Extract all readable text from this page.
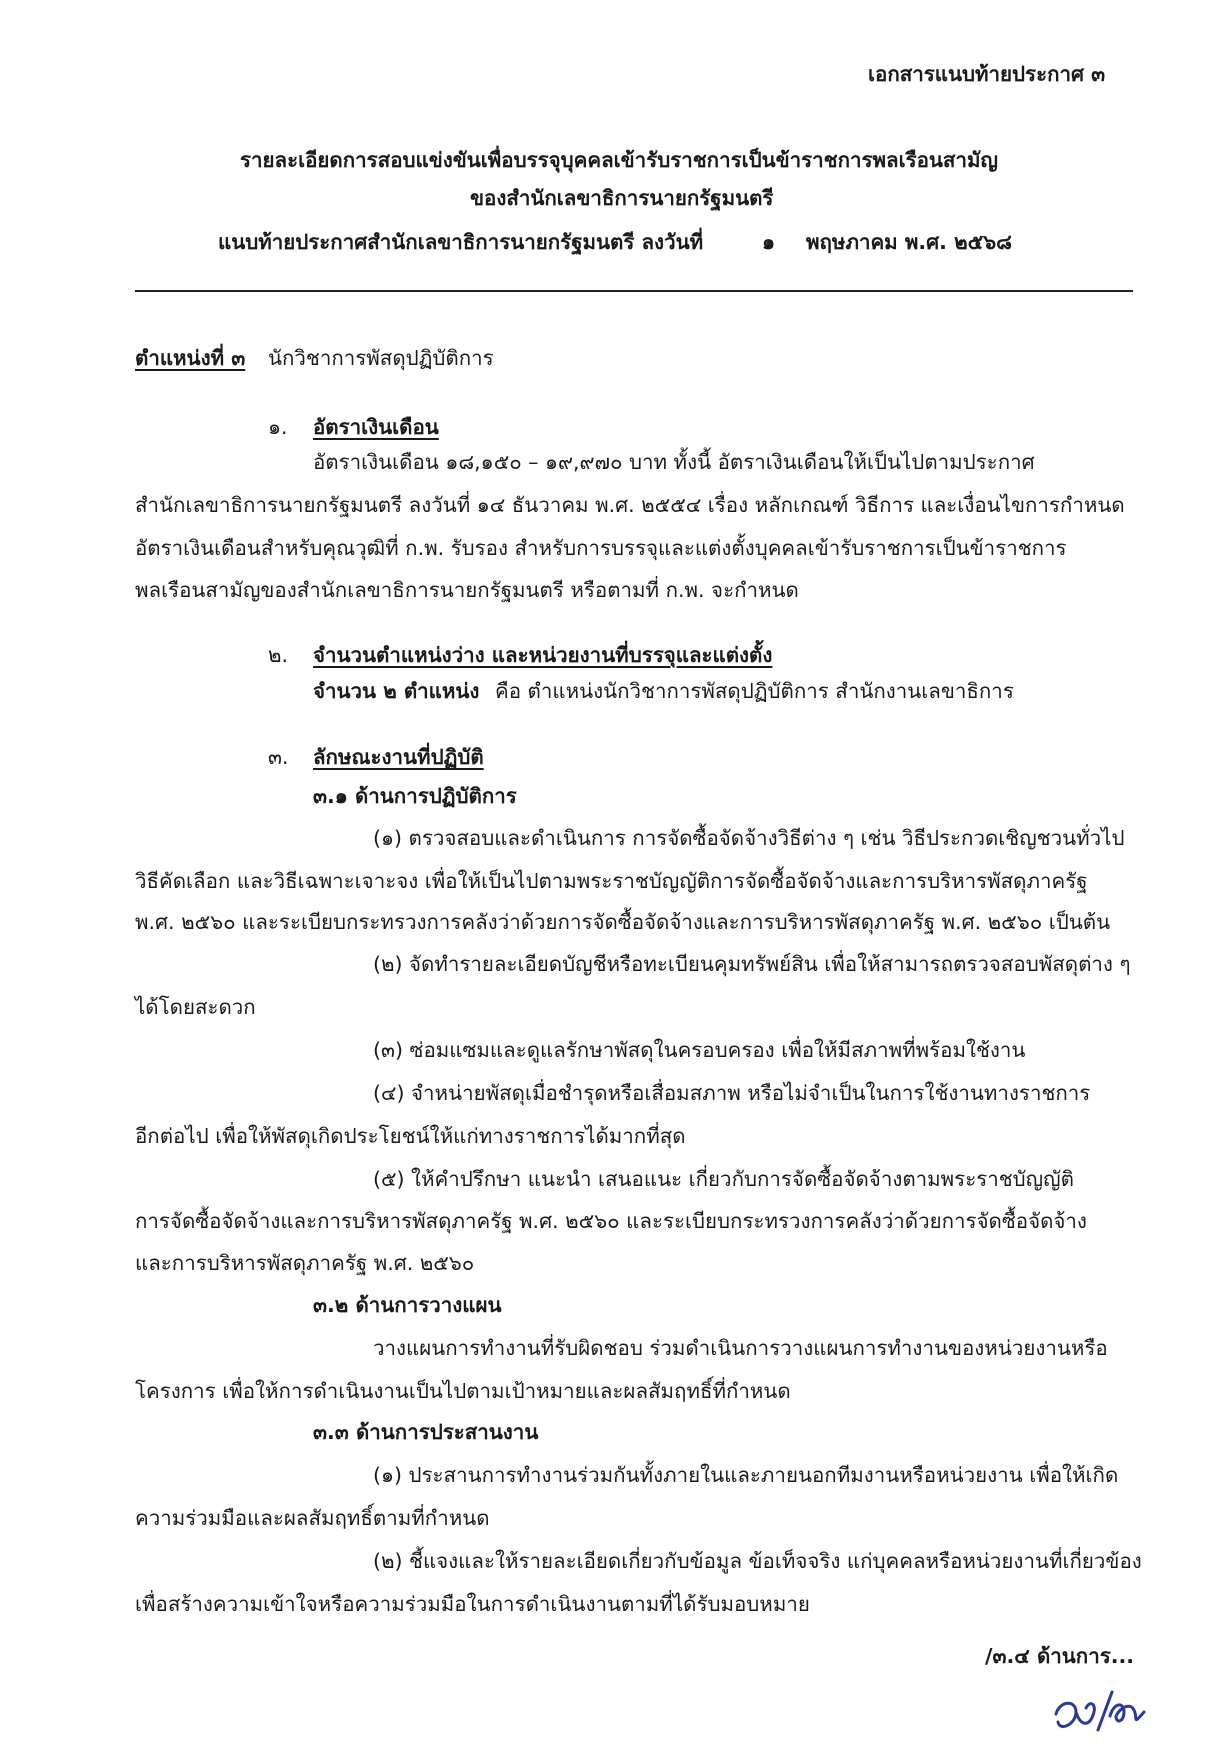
เอกสารแนบท้ายประกาศ ๓
รายละเอียดการสอบแข่งขันเพื่อบรรจุบุคคลเข้ารับราชการเป็นข้าราชการพลเรือนสามัญ
ของสำนักเลขาธิการนายกรัฐมนตรี
แนบท้ายประกาศสำนักเลขาธิการนายกรัฐมนตรี ลงวันที่	๑ พฤษภาคม พ.ศ. ๒๕๖๘
ตำแหน่งที่ ๓ นักวิชาการพัสดุปฏิบัติการ
๑. อัตราเงินเดือน
อัตราเงินเดือน ๑๘,๑๕๐ – ๑๙,๙๗๐ บาท ทั้งนี้ อัตราเงินเดือนให้เป็นไปตามประกาศ
สำนักเลขาธิการนายกรัฐมนตรี ลงวันที่ ๑๔ ธันวาคม พ.ศ. ๒๕๕๔ เรื่อง หลักเกณฑ์ วิธีการ และเงื่อนไขการกำหนด
อัตราเงินเดือนสำหรับคุณวุฒิที่ ก.พ. รับรอง สำหรับการบรรจุและแต่งตั้งบุคคลเข้ารับราชการเป็นข้าราชการ
พลเรือนสามัญของสำนักเลขาธิการนายกรัฐมนตรี หรือตามที่ ก.พ. จะกำหนด
๒. จำนวนตำแหน่งว่าง และหน่วยงานที่บรรจุและแต่งตั้ง
จำนวน ๒ ตำแหน่ง คือ ตำแหน่งนักวิชาการพัสดุปฏิบัติการ สำนักงานเลขาธิการ
๓. ลักษณะงานที่ปฏิบัติ
๓.๑ ด้านการปฏิบัติการ
(๑) ตรวจสอบและดำเนินการ การจัดซื้อจัดจ้างวิธีต่าง ๆ เช่น วิธีประกวดเชิญชวนทั่วไป
วิธีคัดเลือก และวิธีเฉพาะเจาะจง เพื่อให้เป็นไปตามพระราชบัญญัติการจัดซื้อจัดจ้างและการบริหารพัสดุภาครัฐ
พ.ศ. ๒๕๖๐ และระเบียบกระทรวงการคลังว่าด้วยการจัดซื้อจัดจ้างและการบริหารพัสดุภาครัฐ พ.ศ. ๒๕๖๐ เป็นต้น
(๒) จัดทำรายละเอียดบัญชีหรือทะเบียนคุมทรัพย์สิน เพื่อให้สามารถตรวจสอบพัสดุต่าง ๆ
ได้โดยสะดวก
(๓) ซ่อมแซมและดูแลรักษาพัสดุในครอบครอง เพื่อให้มีสภาพที่พร้อมใช้งาน
(๔) จำหน่ายพัสดุเมื่อชำรุดหรือเสื่อมสภาพ หรือไม่จำเป็นในการใช้งานทางราชการ
อีกต่อไป เพื่อให้พัสดุเกิดประโยชน์ให้แก่ทางราชการได้มากที่สุด
(๕) ให้คำปรึกษา แนะนำ เสนอแนะ เกี่ยวกับการจัดซื้อจัดจ้างตามพระราชบัญญัติ
การจัดซื้อจัดจ้างและการบริหารพัสดุภาครัฐ พ.ศ. ๒๕๖๐ และระเบียบกระทรวงการคลังว่าด้วยการจัดซื้อจัดจ้าง
และการบริหารพัสดุภาครัฐ พ.ศ. ๒๕๖๐
๓.๒ ด้านการวางแผน
วางแผนการทำงานที่รับผิดชอบ ร่วมดำเนินการวางแผนการทำงานของหน่วยงานหรือ
โครงการ เพื่อให้การดำเนินงานเป็นไปตามเป้าหมายและผลสัมฤทธิ์ที่กำหนด
๓.๓ ด้านการประสานงาน
(๑) ประสานการทำงานร่วมกันทั้งภายในและภายนอกทีมงานหรือหน่วยงาน เพื่อให้เกิด
ความร่วมมือและผลสัมฤทธิ์ตามที่กำหนด
(๒) ชี้แจงและให้รายละเอียดเกี่ยวกับข้อมูล ข้อเท็จจริง แก่บุคคลหรือหน่วยงานที่เกี่ยวข้อง
เพื่อสร้างความเข้าใจหรือความร่วมมือในการดำเนินงานตามที่ได้รับมอบหมาย
/๓.๔ ด้านการ...
